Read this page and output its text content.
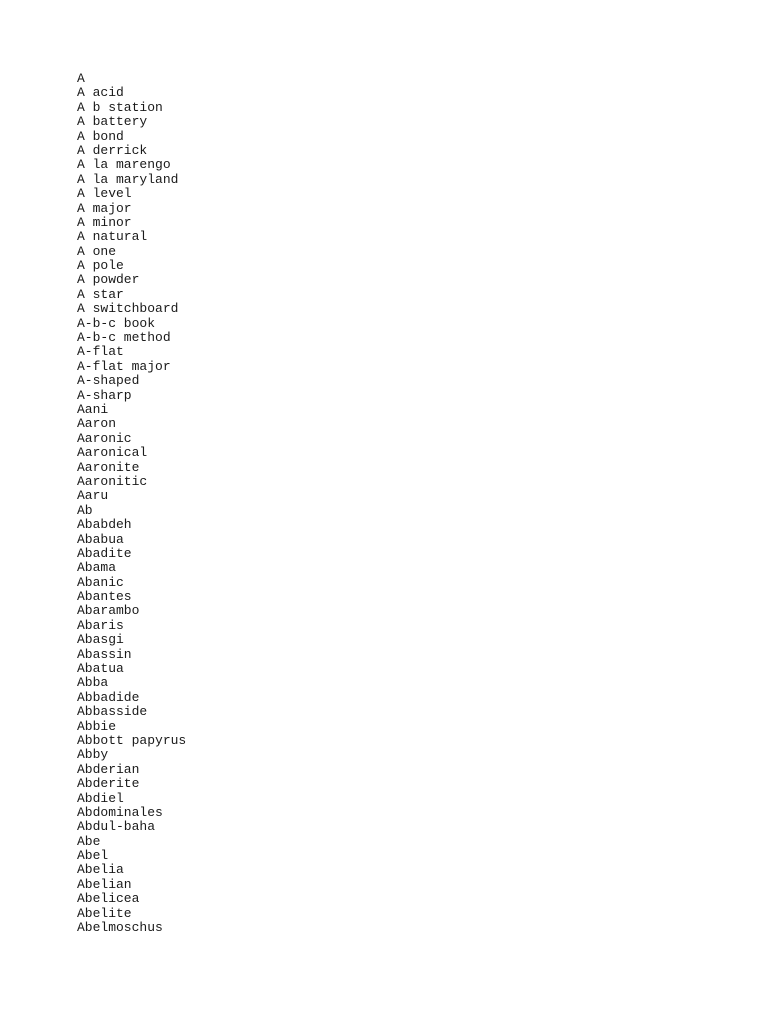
A
A acid
A b station
A battery
A bond
A derrick
A la marengo
A la maryland
A level
A major
A minor
A natural
A one
A pole
A powder
A star
A switchboard
A-b-c book
A-b-c method
A-flat
A-flat major
A-shaped
A-sharp
Aani
Aaron
Aaronic
Aaronical
Aaronite
Aaronitic
Aaru
Ab
Ababdeh
Ababua
Abadite
Abama
Abanic
Abantes
Abarambo
Abaris
Abasgi
Abassin
Abatua
Abba
Abbadide
Abbasside
Abbie
Abbott papyrus
Abby
Abderian
Abderite
Abdiel
Abdominales
Abdul-baha
Abe
Abel
Abelia
Abelian
Abelicea
Abelite
Abelmoschus
